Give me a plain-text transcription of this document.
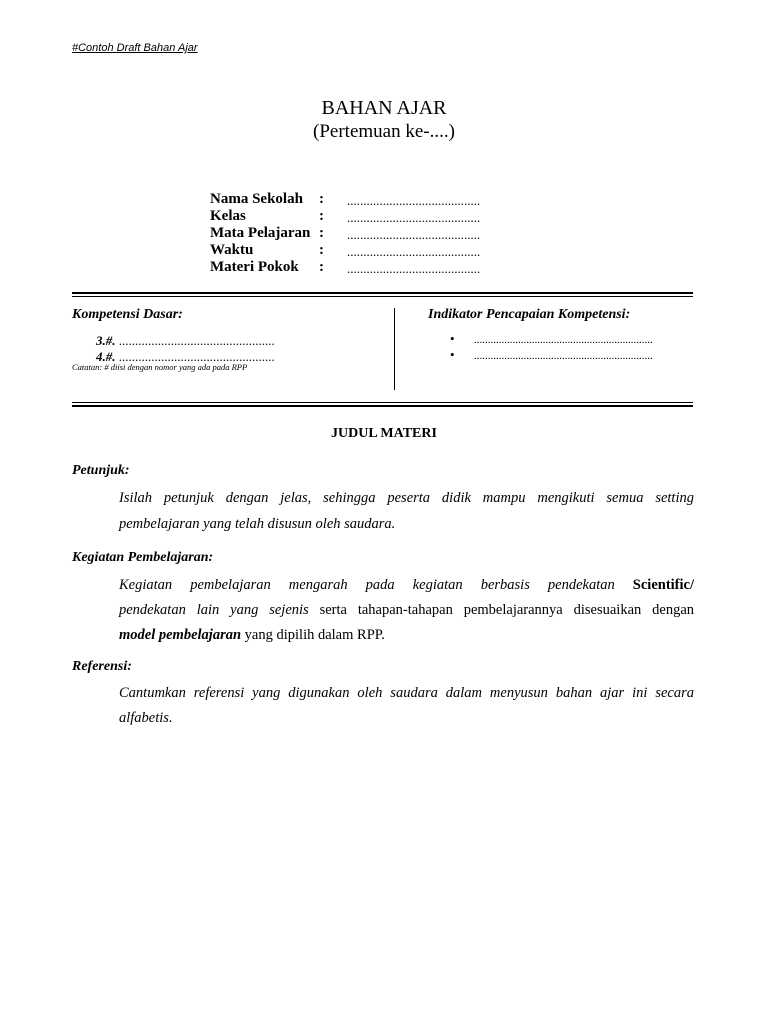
#Contoh Draft Bahan Ajar
BAHAN AJAR
(Pertemuan ke-....)
Nama Sekolah : .........................................
Kelas	: .........................................
Mata Pelajaran : .........................................
Waktu	: .........................................
Materi Pokok : .........................................
Kompetensi Dasar:
3.#. ................................................
4.#. ................................................
Catatan: # diisi dengan nomor yang ada pada RPP
Indikator Pencapaian Kompetensi:
• .................................................................
• .................................................................
JUDUL MATERI
Petunjuk:
Isilah petunjuk dengan jelas, sehingga peserta didik mampu mengikuti semua setting
pembelajaran yang telah disusun oleh saudara.
Kegiatan Pembelajaran:
Kegiatan pembelajaran mengarah pada kegiatan berbasis pendekatan Scientific/
pendekatan lain yang sejenis serta tahapan-tahapan pembelajarannya disesuaikan dengan
model pembelajaran yang dipilih dalam RPP.
Referensi:
Cantumkan referensi yang digunakan oleh saudara dalam menyusun bahan ajar ini secara
alfabetis.
